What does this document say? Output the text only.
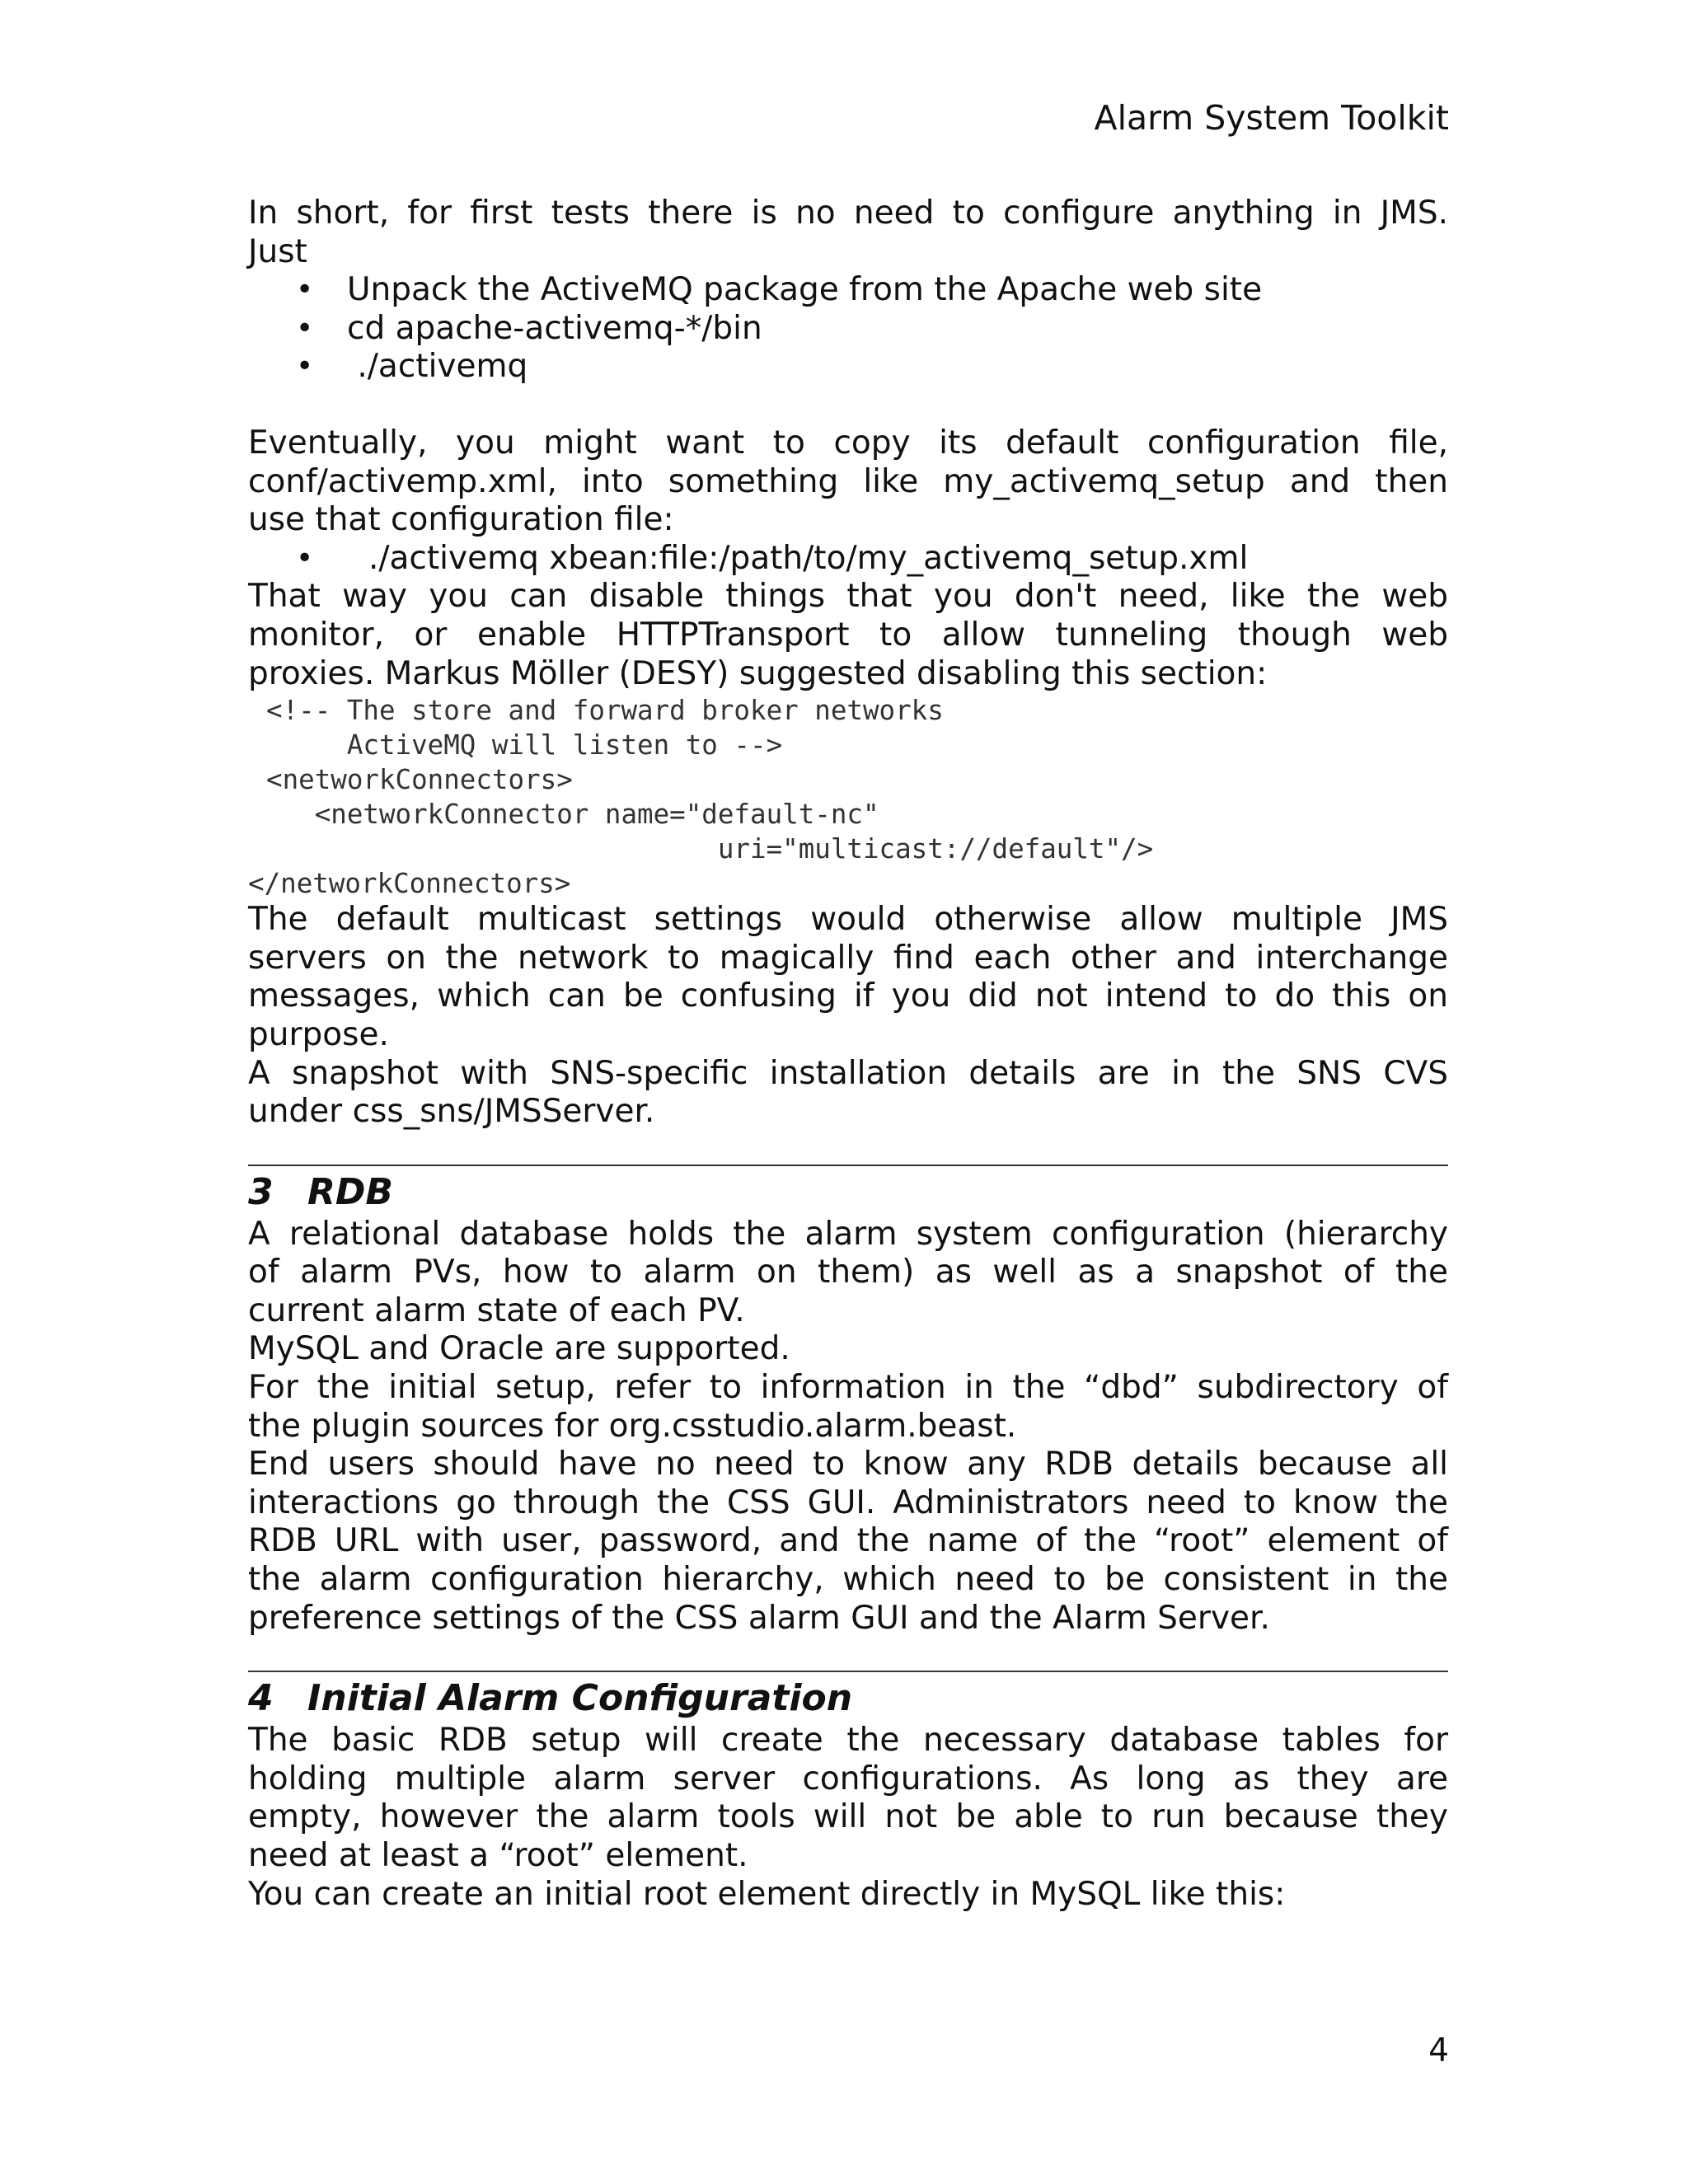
Alarm System Toolkit

In short, for first tests there is no need to configure anything in JMS.

Just

• Unpack the ActiveMQ package from the Apache web site
• cd apache-activemq-*/bin
• ./activemq

Eventually, you might want to copy its default configuration file,

conf/activemp.xml, into something like my_activemq_setup and then

use that configuration file:

• ./activemq xbean:file:/path/to/my_activemq_setup.xml

That way you can disable things that you don't need, like the web

monitor, or enable HTTPTransport to allow tunneling though web

proxies. Markus Möller (DESY) suggested disabling this section:

<!-- The store and forward broker networks
ActiveMQ will listen to -->
<networkConnectors>
<networkConnector name="default-nc"
uri="multicast://default"/>
</networkConnectors>

The default multicast settings would otherwise allow multiple JMS

servers on the network to magically find each other and interchange

messages, which can be confusing if you did not intend to do this on

purpose.

A snapshot with SNS-specific installation details are in the SNS CVS

under css_sns/JMSServer.

3 RDB

A relational database holds the alarm system configuration (hierarchy

of alarm PVs, how to alarm on them) as well as a snapshot of the

current alarm state of each PV.

MySQL and Oracle are supported.

For the initial setup, refer to information in the “dbd” subdirectory of

the plugin sources for org.csstudio.alarm.beast.

End users should have no need to know any RDB details because all

interactions go through the CSS GUI. Administrators need to know the

RDB URL with user, password, and the name of the “root” element of

the alarm configuration hierarchy, which need to be consistent in the

preference settings of the CSS alarm GUI and the Alarm Server.

4 Initial Alarm Configuration

The basic RDB setup will create the necessary database tables for

holding multiple alarm server configurations. As long as they are

empty, however the alarm tools will not be able to run because they

need at least a “root” element.

You can create an initial root element directly in MySQL like this:

4
